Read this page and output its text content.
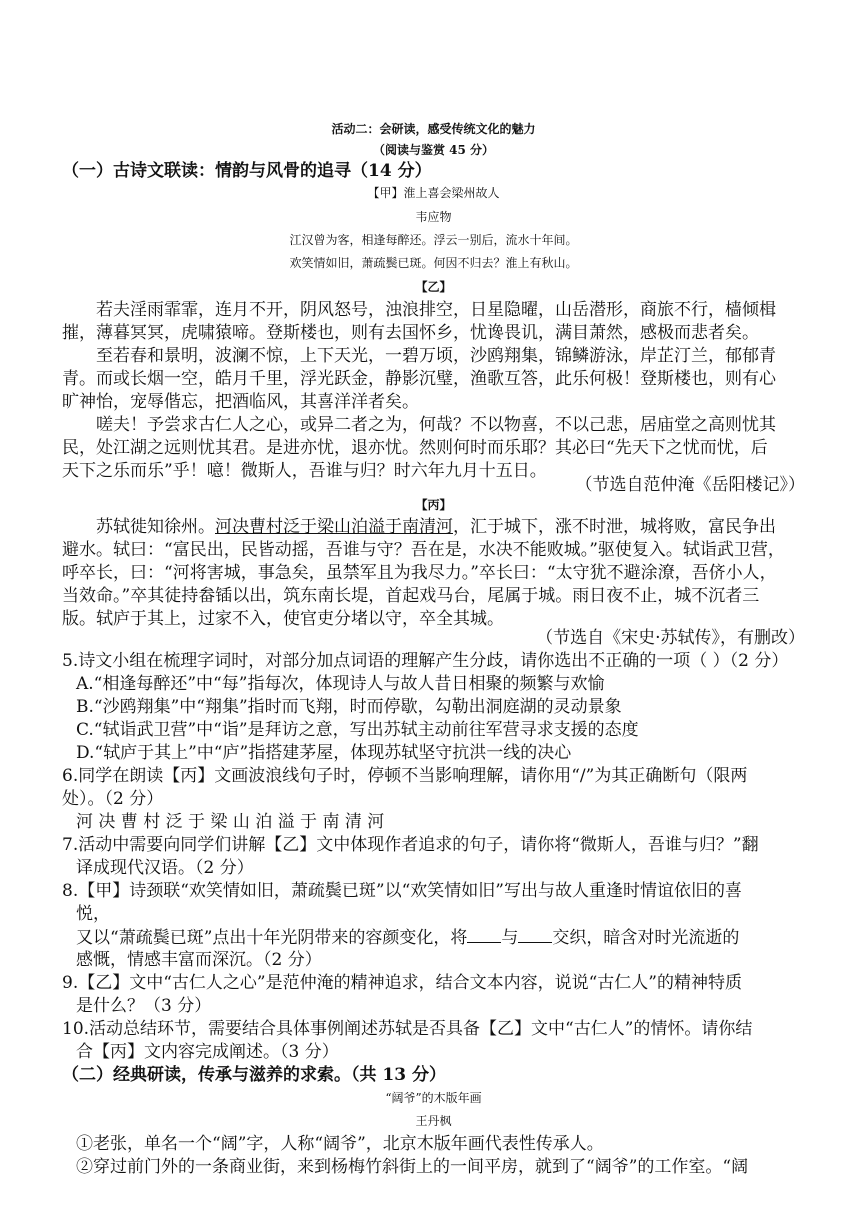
活动二：会研读，感受传统文化的魅力
（阅读与鉴赏 45 分）
（一）古诗文联读：情韵与风骨的追寻（14 分）
【甲】淮上喜会梁州故人
韦应物
江汉曾为客，相逢每醉还。浮云一别后，流水十年间。
欢笑情如旧，萧疏鬓已斑。何因不归去？淮上有秋山。
【乙】
若夫淫雨霏霏，连月不开，阴风怒号，浊浪排空，日星隐曜，山岳潜形，商旅不行，樯倾楫
摧，薄暮冥冥，虎啸猿啼。登斯楼也，则有去国怀乡，忧谗畏讥，满目萧然，感极而悲者矣。
至若春和景明，波澜不惊，上下天光，一碧万顷，沙鸥翔集，锦鳞游泳，岸芷汀兰，郁郁青
青。而或长烟一空，皓月千里，浮光跃金，静影沉璧，渔歌互答，此乐何极！登斯楼也，则有心
旷神怡，宠辱偕忘，把酒临风，其喜洋洋者矣。
嗟夫！予尝求古仁人之心，或异二者之为，何哉？不以物喜，不以己悲，居庙堂之高则忧其
民，处江湖之远则忧其君。是进亦忧，退亦忧。然则何时而乐耶？其必曰“先天下之忧而忧，后
天下之乐而乐”乎！噫！微斯人，吾谁与归？时六年九月十五日。
（节选自范仲淹《岳阳楼记》）
【丙】
苏轼徙知徐州。河决曹村泛于梁山泊溢于南清河，汇于城下，涨不时泄，城将败，富民争出
避水。轼曰：“富民出，民皆动摇，吾谁与守？吾在是，水决不能败城。”驱使复入。轼诣武卫营，
呼卒长，曰：“河将害城，事急矣，虽禁军且为我尽力。”卒长曰：“太守犹不避涂潦，吾侪小人，
当效命。”卒其徒持畚锸以出，筑东南长堤，首起戏马台，尾属于城。雨日夜不止，城不沉者三
版。轼庐于其上，过家不入，使官吏分堵以守，卒全其城。
（节选自《宋史·苏轼传》，有删改）
5.诗文小组在梳理字词时，对部分加点词语的理解产生分歧，请你选出不正确的一项（ ）（2 分）
A.“相逢每醉还”中“每”指每次，体现诗人与故人昔日相聚的频繁与欢愉
B.“沙鸥翔集”中“翔集”指时而飞翔，时而停歇，勾勒出洞庭湖的灵动景象
C.“轼诣武卫营”中“诣”是拜访之意，写出苏轼主动前往军营寻求支援的态度
D.“轼庐于其上”中“庐”指搭建茅屋，体现苏轼坚守抗洪一线的决心
6.同学在朗读【丙】文画波浪线句子时，停顿不当影响理解，请你用“/”为其正确断句（限两
处）。（2 分）
河 决 曹 村 泛 于 梁 山 泊 溢 于 南 清 河
7.活动中需要向同学们讲解【乙】文中体现作者追求的句子，请你将“微斯人，吾谁与归？”翻
译成现代汉语。（2 分）
8.【甲】诗颈联“欢笑情如旧，萧疏鬓已斑”以“欢笑情如旧”写出与故人重逢时情谊依旧的喜
悦，
又以“萧疏鬓已斑”点出十年光阴带来的容颜变化，将 与 交织，暗含对时光流逝的
感慨，情感丰富而深沉。（2 分）
9.【乙】文中“古仁人之心”是范仲淹的精神追求，结合文本内容，说说“古仁人”的精神特质
是什么？（3 分）
10.活动总结环节，需要结合具体事例阐述苏轼是否具备【乙】文中“古仁人”的情怀。请你结
合【丙】文内容完成阐述。（3 分）
（二）经典研读，传承与滋养的求索。（共 13 分）
“阔爷”的木版年画
王丹枫
①老张，单名一个“阔”字，人称“阔爷”，北京木版年画代表性传承人。
②穿过前门外的一条商业街，来到杨梅竹斜街上的一间平房，就到了“阔爷”的工作室。“阔
